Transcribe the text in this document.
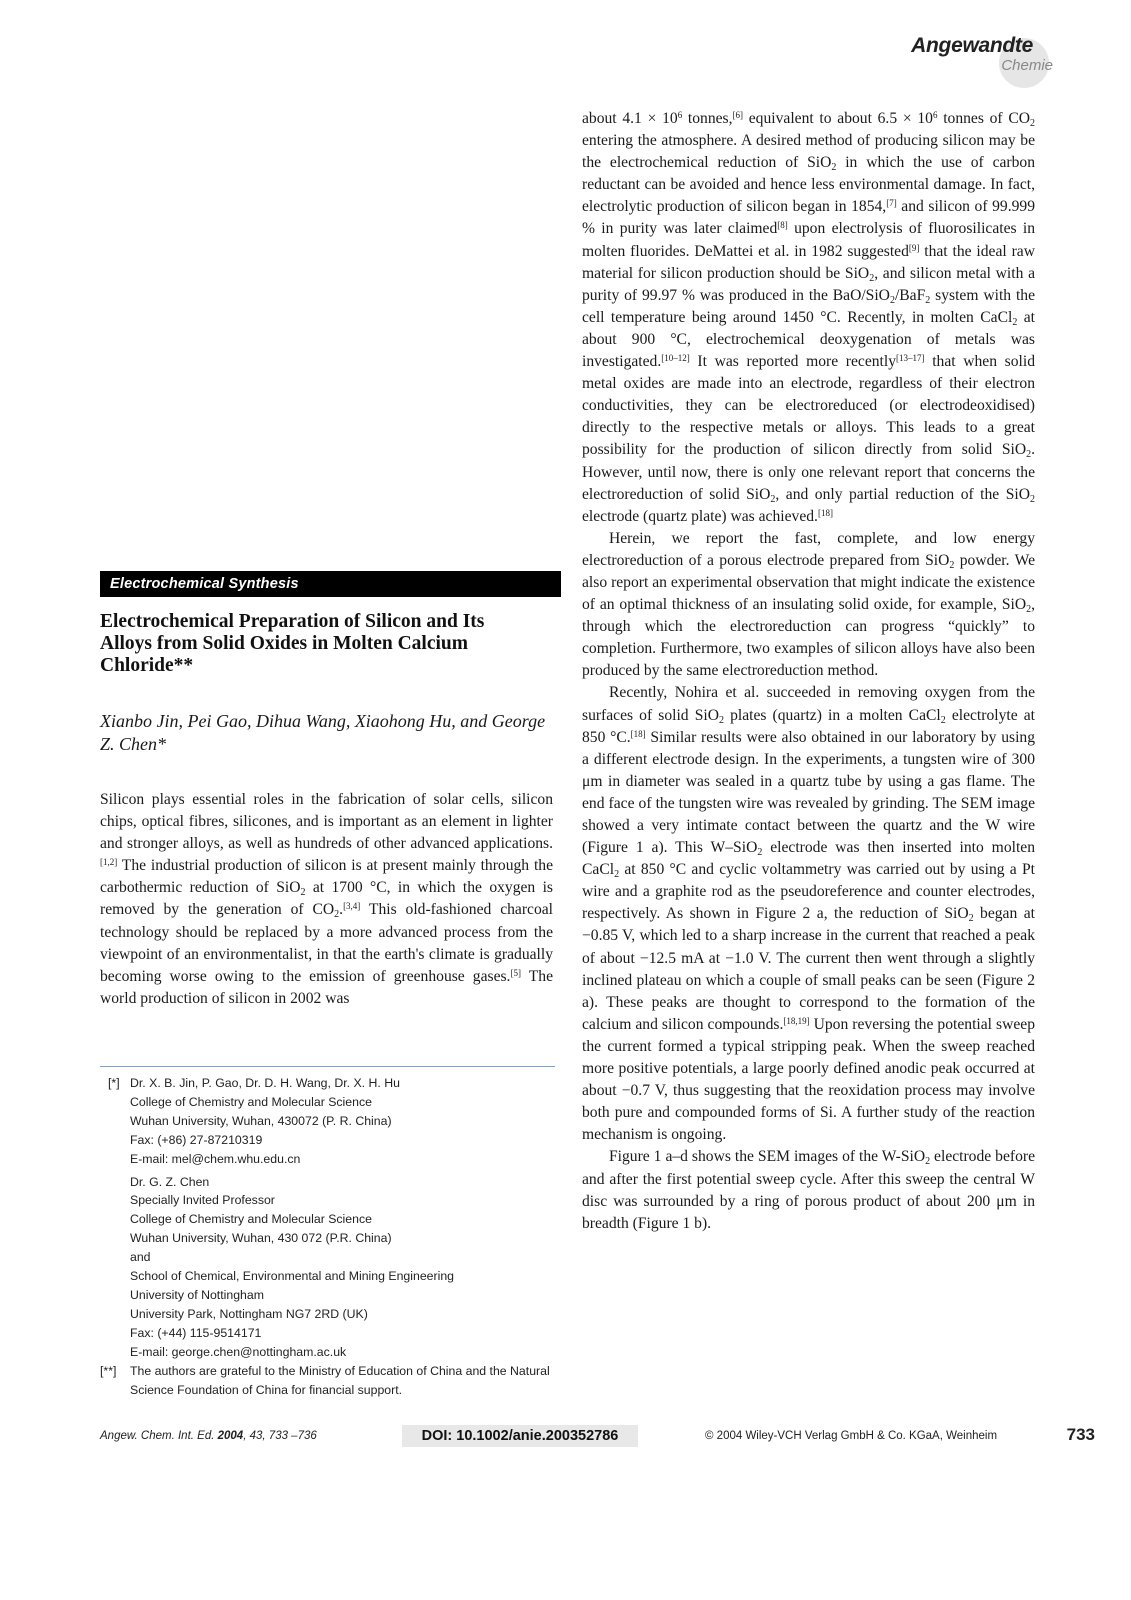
Angewandte
Chemie
Electrochemical Synthesis
Electrochemical Preparation of Silicon and Its Alloys from Solid Oxides in Molten Calcium Chloride**
Xianbo Jin, Pei Gao, Dihua Wang, Xiaohong Hu, and George Z. Chen*
Silicon plays essential roles in the fabrication of solar cells, silicon chips, optical fibres, silicones, and is important as an element in lighter and stronger alloys, as well as hundreds of other advanced applications.[1,2] The industrial production of silicon is at present mainly through the carbothermic reduction of SiO$_2$ at 1700 °C, in which the oxygen is removed by the generation of $CO_2.[3,4]$ This old-fashioned charcoal technology should be replaced by a more advanced process from the viewpoint of an environmentalist, in that the earth's climate is gradually becoming worse owing to the emission of greenhouse gases.[5] The world production of silicon in 2002 was
[*] Dr. X. B. Jin, P. Gao, Dr. D. H. Wang, Dr. X. H. Hu
College of Chemistry and Molecular Science
Wuhan University, Wuhan, 430072 (P. R. China)
Fax: (+86) 27-87210319
E-mail: mel@chem.whu.edu.cn
Dr. G. Z. Chen
Specially Invited Professor
College of Chemistry and Molecular Science
Wuhan University, Wuhan, 430 072 (P.R. China)
and
School of Chemical, Environmental and Mining Engineering
University of Nottingham
University Park, Nottingham NG7 2RD (UK)
Fax: (+44) 115-9514171
E-mail: george.chen@nottingham.ac.uk
[**] The authors are grateful to the Ministry of Education of China and the Natural Science Foundation of China for financial support.

about $4.1 \times 10^6$ tonnes,[6] equivalent to about $6.5 \times 10^6$ tonnes of $CO_2$ entering the atmosphere. A desired method of producing silicon may be the electrochemical reduction of SiO$_2$ in which the use of carbon reductant can be avoided and hence less environmental damage. In fact, electrolytic production of silicon began in 1854,[7] and silicon of 99.999 % in purity was later claimed[8] upon electrolysis of fluorosilicates in molten fluorides. DeMattei et al. in 1982 suggested[9] that the ideal raw material for silicon production should be SiO$_2$, and silicon metal with a purity of 99.97 % was produced in the BaO/SiO$_2$/BaF$_2$ system with the cell temperature being around 1450 °C. Recently, in molten CaCl$_2$ at about 900 °C, electrochemical deoxygenation of metals was investigated.[10–12] It was reported more recently[13–17] that when solid metal oxides are made into an electrode, regardless of their electron conductivities, they can be electroreduced (or electrodeoxidised) directly to the respective metals or alloys. This leads to a great possibility for the production of silicon directly from solid SiO$_2$. However, until now, there is only one relevant report that concerns the electroreduction of solid SiO$_2$, and only partial reduction of the SiO$_2$ electrode (quartz plate) was achieved.[18]

Herein, we report the fast, complete, and low energy electroreduction of a porous electrode prepared from SiO$_2$ powder. We also report an experimental observation that might indicate the existence of an optimal thickness of an insulating solid oxide, for example, SiO$_2$, through which the electroreduction can progress “quickly” to completion. Furthermore, two examples of silicon alloys have also been produced by the same electroreduction method.

Recently, Nohira et al. succeeded in removing oxygen from the surfaces of solid SiO$_2$ plates (quartz) in a molten CaCl$_2$ electrolyte at 850 °C.[18] Similar results were also obtained in our laboratory by using a different electrode design. In the experiments, a tungsten wire of 300 μm in diameter was sealed in a quartz tube by using a gas flame. The end face of the tungsten wire was revealed by grinding. The SEM image showed a very intimate contact between the quartz and the W wire (Figure 1 a). This W–SiO$_2$ electrode was then inserted into molten CaCl$_2$ at 850 °C and cyclic voltammetry was carried out by using a Pt wire and a graphite rod as the pseudoreference and counter electrodes, respectively. As shown in Figure 2 a, the reduction of SiO$_2$ began at −0.85 V, which led to a sharp increase in the current that reached a peak of about −12.5 mA at −1.0 V. The current then went through a slightly inclined plateau on which a couple of small peaks can be seen (Figure 2 a). These peaks are thought to correspond to the formation of the calcium and silicon compounds.[18,19] Upon reversing the potential sweep the current formed a typical stripping peak. When the sweep reached more positive potentials, a large poorly defined anodic peak occurred at about −0.7 V, thus suggesting that the reoxidation process may involve both pure and compounded forms of Si. A further study of the reaction mechanism is ongoing.

Figure 1 a–d shows the SEM images of the W-SiO$_2$ electrode before and after the first potential sweep cycle. After this sweep the central W disc was surrounded by a ring of porous product of about 200 μm in breadth (Figure 1 b).

Angew. Chem. Int. Ed. 2004, 43, 733 –736	DOI: 10.1002/anie.200352786	© 2004 Wiley-VCH Verlag GmbH & Co. KGaA, Weinheim	733
